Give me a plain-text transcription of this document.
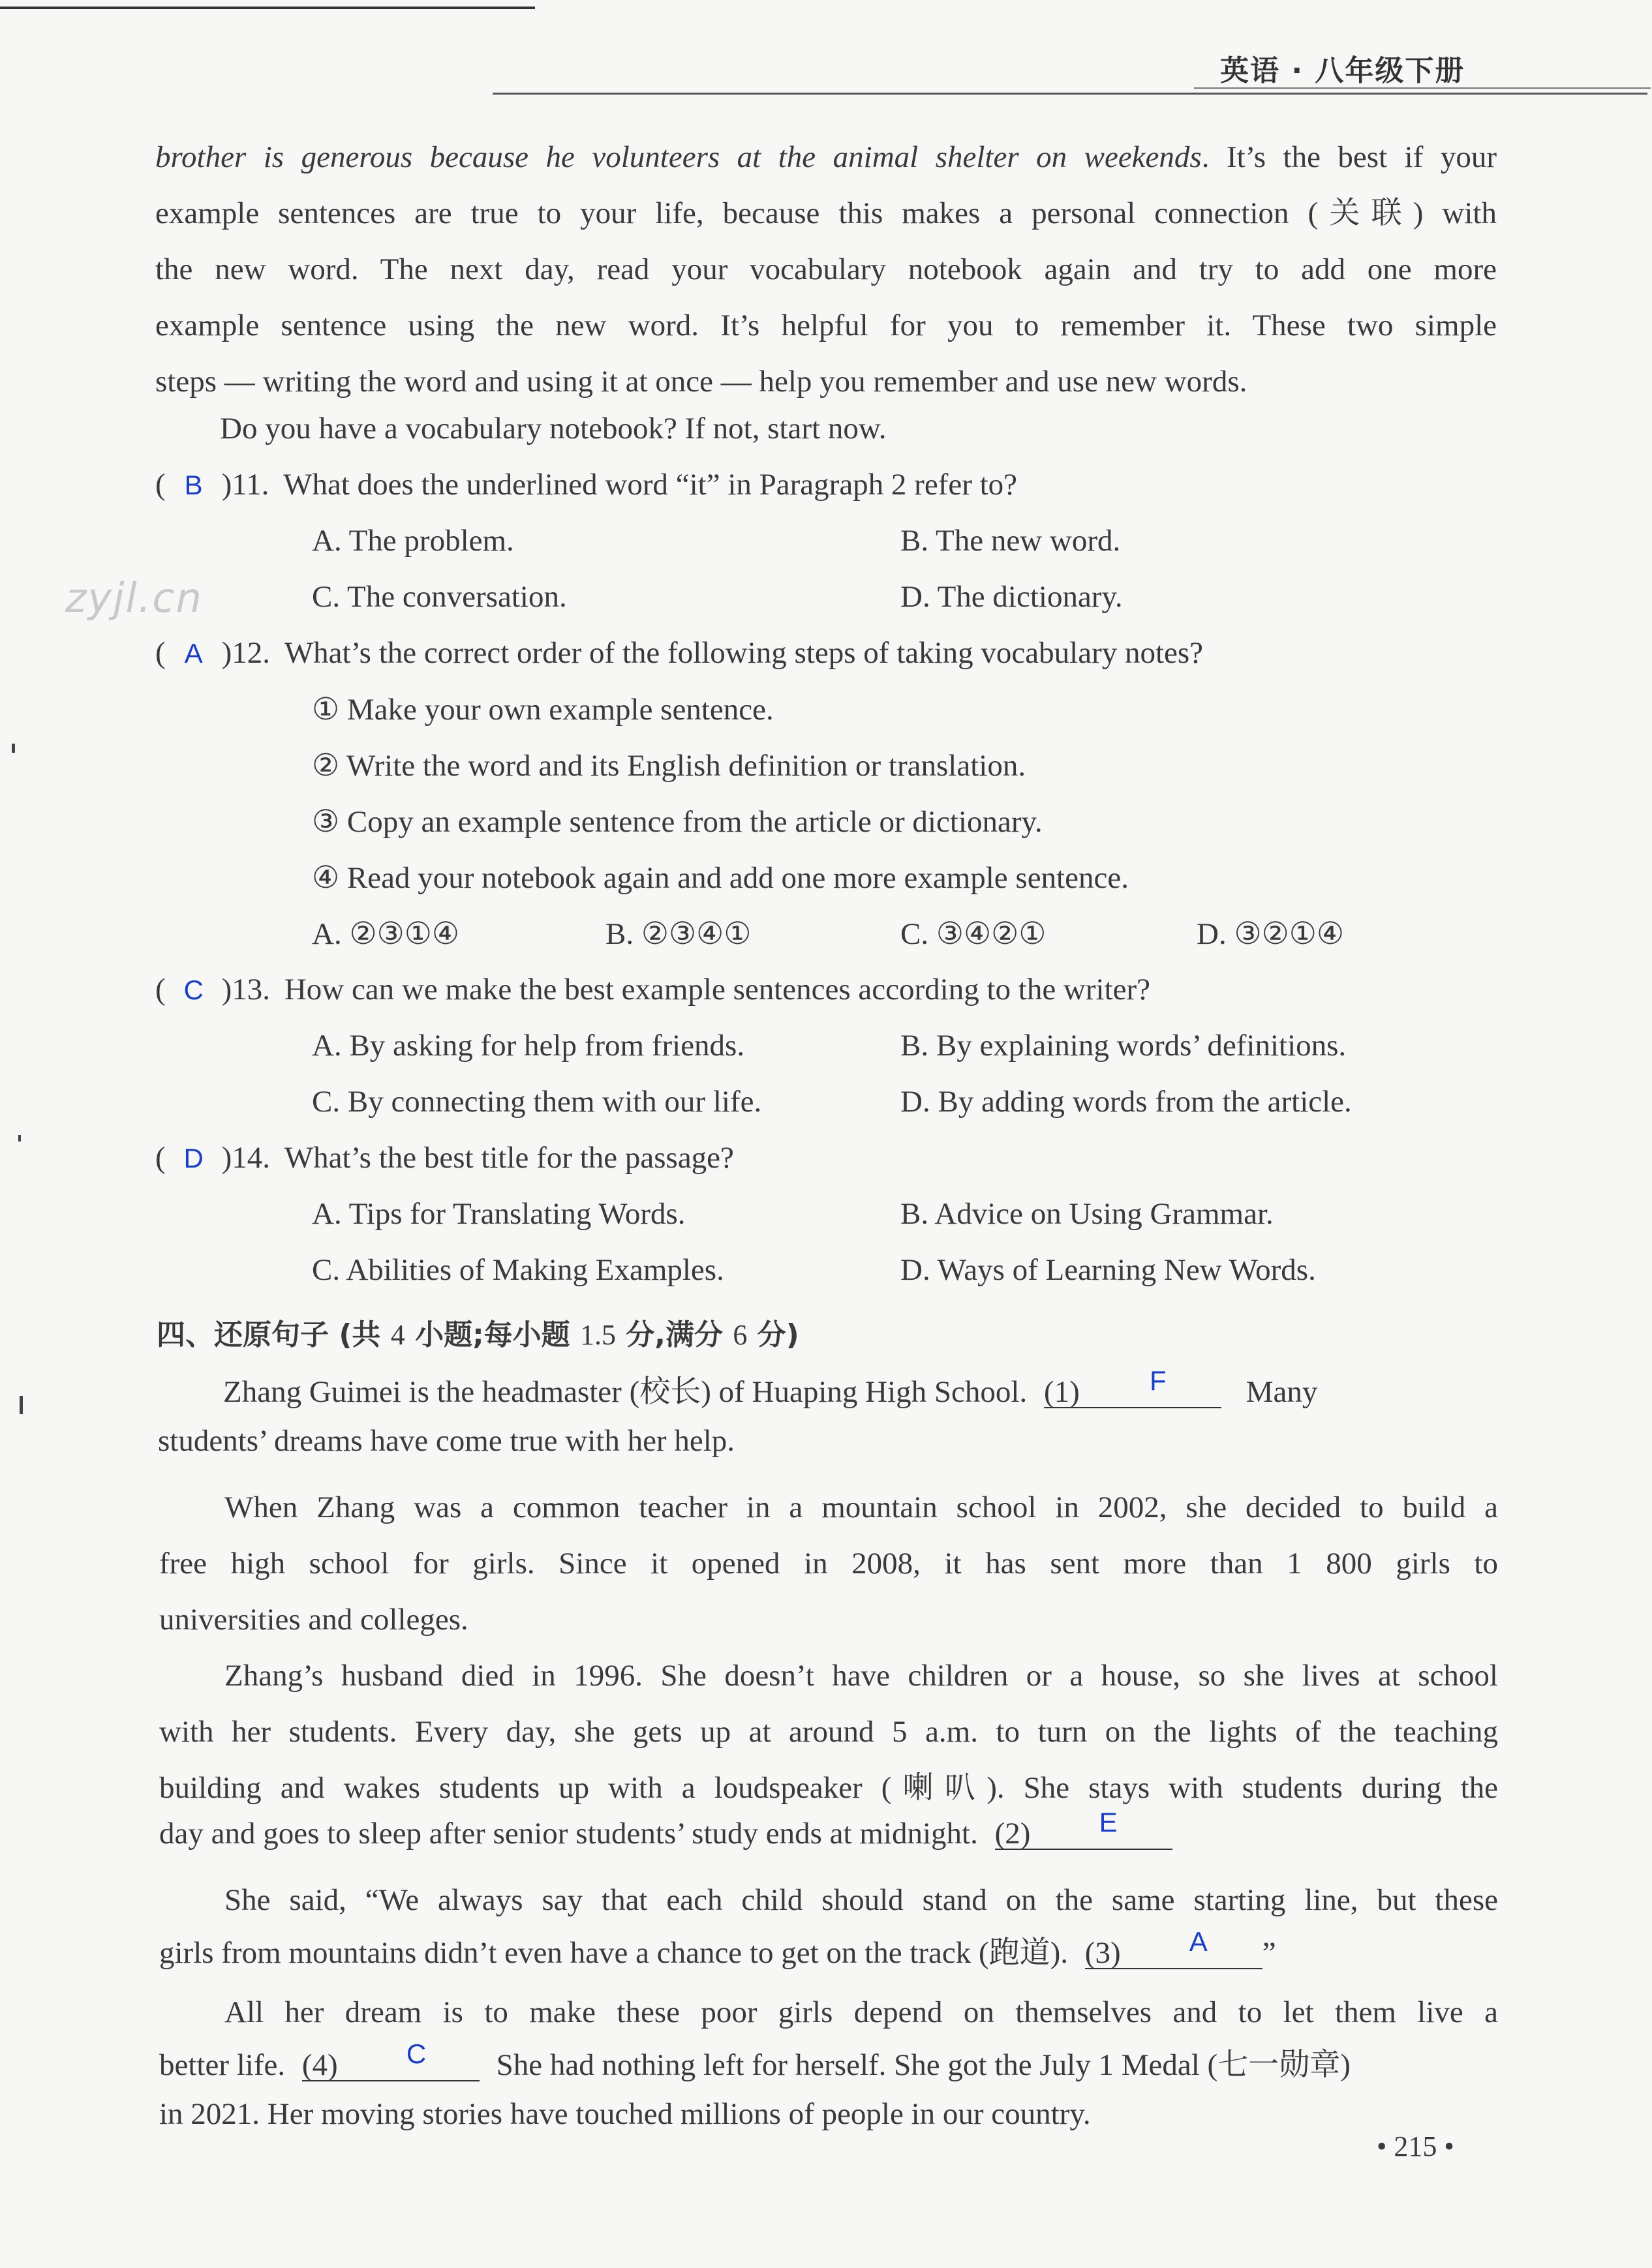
英语 · 八年级下册
zyjl.cn
brother is generous because he volunteers at the animal shelter on weekends. It’s the best if your
example sentences are true to your life, because this makes a personal connection (关联) with
the new word. The next day, read your vocabulary notebook again and try to add one more
example sentence using the new word. It’s helpful for you to remember it. These two simple
steps — writing the word and using it at once — help you remember and use new words.
Do you have a vocabulary notebook? If not, start now.
( B )11. What does the underlined word “it” in Paragraph 2 refer to?
A. The problem.	B. The new word.
C. The conversation.	D. The dictionary.
( A )12. What’s the correct order of the following steps of taking vocabulary notes?
① Make your own example sentence.
② Write the word and its English definition or translation.
③ Copy an example sentence from the article or dictionary.
④ Read your notebook again and add one more example sentence.
A. ②③①④	B. ②③④①	C. ③④②①	D. ③②①④
( C )13. How can we make the best example sentences according to the writer?
A. By asking for help from friends.	B. By explaining words’ definitions.
C. By connecting them with our life.	D. By adding words from the article.
( D )14. What’s the best title for the passage?
A. Tips for Translating Words.	B. Advice on Using Grammar.
C. Abilities of Making Examples.	D. Ways of Learning New Words.
四、还原句子 (共 4 小题;每小题 1.5 分,满分 6 分)
Zhang Guimei is the headmaster (校长) of Huaping High School. (1)	F	Many
students’ dreams have come true with her help.
When Zhang was a common teacher in a mountain school in 2002, she decided to build a
free high school for girls. Since it opened in 2008, it has sent more than 1 800 girls to
universities and colleges.
Zhang’s husband died in 1996. She doesn’t have children or a house, so she lives at school
with her students. Every day, she gets up at around 5 a.m. to turn on the lights of the teaching
building and wakes students up with a loudspeaker (喇叭). She stays with students during the
day and goes to sleep after senior students’ study ends at midnight. (2)	E
She said, “We always say that each child should stand on the same starting line, but these
girls from mountains didn’t even have a chance to get on the track (跑道). (3)	A ”
All her dream is to make these poor girls depend on themselves and to let them live a
better life. (4)	C She had nothing left for herself. She got the July 1 Medal (七一勋章)
in 2021. Her moving stories have touched millions of people in our country.
• 215 •
